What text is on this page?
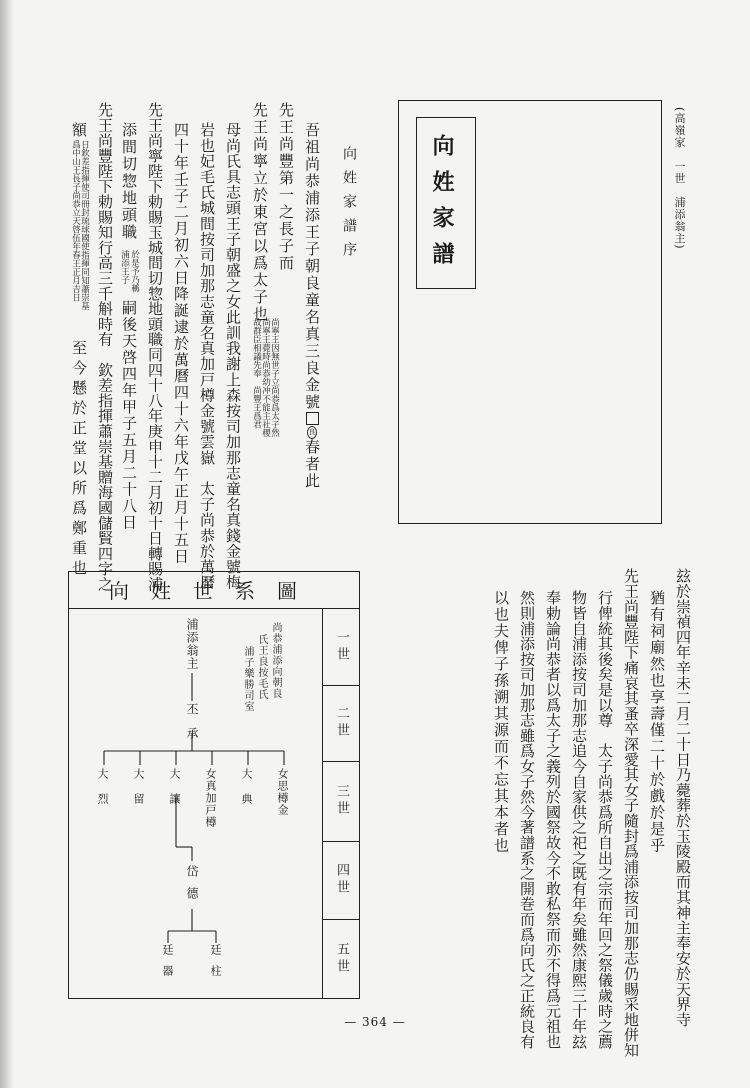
(高嶺家　一世　浦添翁主)
向姓家譜
向姓家譜序
吾祖尚恭浦添王子朝良童名真三良金號良春者此
先王尚豐第一之長子而
先王尚寧立於東宮以爲太子也
尚寧王因無世子立尚恭爲太子然
尚寧王薨時尚恭幼冲不能主社稷
故群臣相議先奉　尚豐王爲君
母尚氏具志頭王子朝盛之女此訓我謝上森按司加那志童名真錢金號梅
岩也妃毛氏城間按司加那志童名真加戸樽金號雲嶽　太子尚恭於萬曆
四十年壬子二月初六日降誕逮於萬曆四十六年戊午正月十五日
先王尚寧陛下勅賜玉城間切惣地頭職同四十八年庚申十二月初十日轉賜浦
添間切惣地頭職
於是予乃稱
浦添王子
嗣後天啓四年甲子五月二十八日
先王尚豐陛下勅賜知行高三千斛時有　欽差指揮蕭崇基贈海國儲賢四字之
額
日欽差指揮使司冊封琉球國使指揮同知蕭崇基
爲中山王長子尚恭立天啓伍年春王正月吉日
至今懸於正堂以所爲鄭重也
玆於崇禎四年辛未二月二十日乃薨葬於玉陵殿而其神主奉安於天界寺
猶有祠廟然也享壽僅二十於戲於是乎
先王尚豐陛下痛哀其蚤卒深愛其女子隨封爲浦添按司加那志仍賜采地併知
行俾統其後矣是以尊　太子尚恭爲所自出之宗而年回之祭儀歲時之薦
物皆自浦添按司加那志追今自家供之祀之既有年矣雖然康熙三十年玆
奉勅論尚恭者以爲太子之義列於國祭故今不敢私祭而亦不得爲元祖也
然則浦添按司加那志雖爲女子然今著譜系之開巻而爲向氏之正統良有
以也夫俾子孫溯其源而不忘其本者也
向姓世系圖
一世
二世
三世
四世
五世
浦添翁主	尚恭浦添向朝良
氏王良按毛氏
浦子樂勝司室
丕承
女思樽金
大典
女真加戸樽
大讓
大留
大烈
岱德
廷柱
廷器
— 364 —
